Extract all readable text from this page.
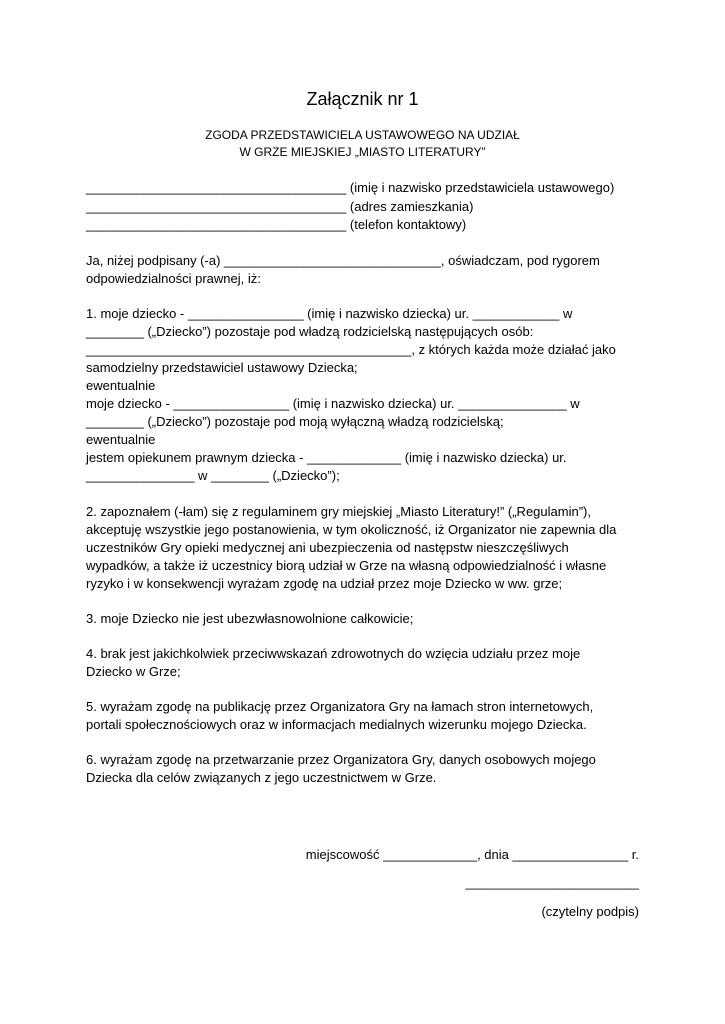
Załącznik nr 1
ZGODA PRZEDSTAWICIELA USTAWOWEGO NA UDZIAŁ
W GRZE MIEJSKIEJ „MIASTO LITERATURY”
____________________________________ (imię i nazwisko przedstawiciela ustawowego)
____________________________________ (adres zamieszkania)
____________________________________ (telefon kontaktowy)
Ja, niżej podpisany (-a) ______________________________, oświadczam, pod rygorem
odpowiedzialności prawnej, iż:
1. moje dziecko - ________________ (imię i nazwisko dziecka) ur. ____________ w
________ („Dziecko”) pozostaje pod władzą rodzicielską następujących osób:
_____________________________________________, z których każda może działać jako
samodzielny przedstawiciel ustawowy Dziecka;
ewentualnie
moje dziecko - ________________ (imię i nazwisko dziecka) ur. _______________ w
________ („Dziecko”) pozostaje pod moją wyłączną władzą rodzicielską;
ewentualnie
jestem opiekunem prawnym dziecka - _____________ (imię i nazwisko dziecka) ur.
_______________ w ________ („Dziecko”);
2. zapoznałem (-łam) się z regulaminem gry miejskiej „Miasto Literatury!” („Regulamin”),
akceptuję wszystkie jego postanowienia, w tym okoliczność, iż Organizator nie zapewnia dla
uczestników Gry opieki medycznej ani ubezpieczenia od następstw nieszczęśliwych
wypadków, a także iż uczestnicy biorą udział w Grze na własną odpowiedzialność i własne
ryzyko i w konsekwencji wyrażam zgodę na udział przez moje Dziecko w ww. grze;
3. moje Dziecko nie jest ubezwłasnowolnione całkowicie;
4. brak jest jakichkolwiek przeciwwskazań zdrowotnych do wzięcia udziału przez moje
Dziecko w Grze;
5. wyrażam zgodę na publikację przez Organizatora Gry na łamach stron internetowych,
portali społecznościowych oraz w informacjach medialnych wizerunku mojego Dziecka.
6. wyrażam zgodę na przetwarzanie przez Organizatora Gry, danych osobowych mojego
Dziecka dla celów związanych z jego uczestnictwem w Grze.
miejscowość _____________, dnia ________________ r.
________________________
(czytelny podpis)
